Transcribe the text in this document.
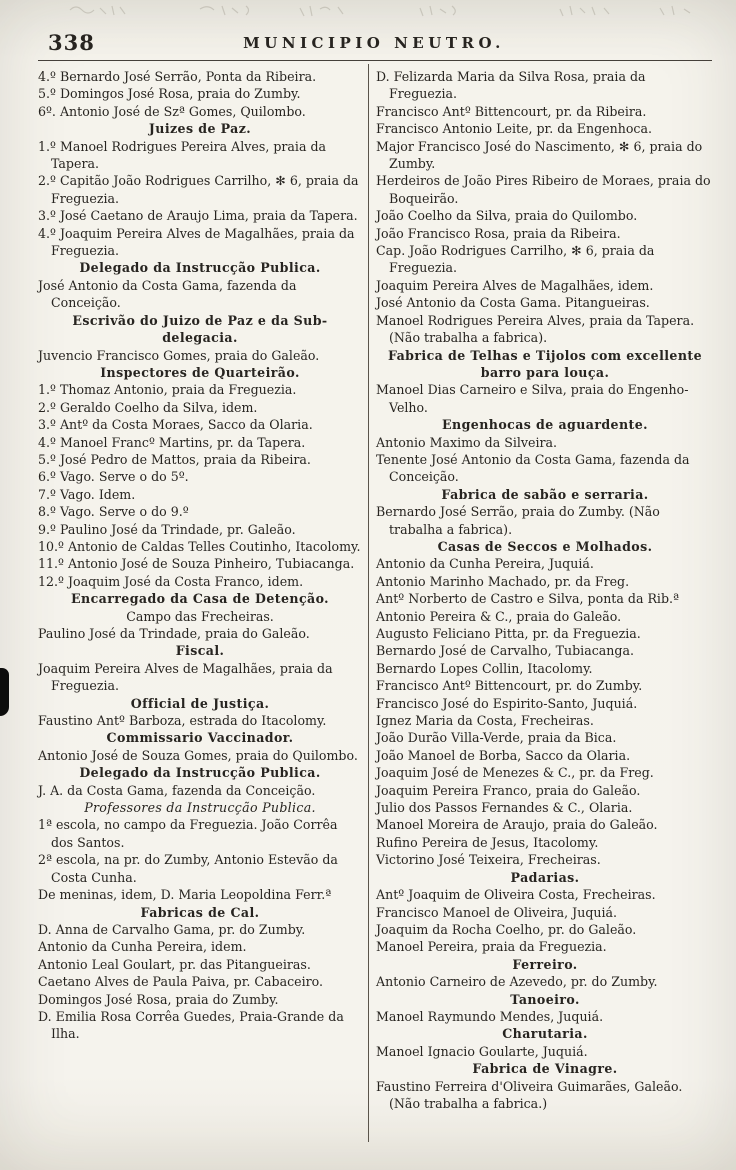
338	MUNICIPIO NEUTRO.
4.º Bernardo José Serrão, Ponta da Ribeira.
5.º Domingos José Rosa, praia do Zumby.
6º. Antonio José de Szª Gomes, Quilombo.
Juizes de Paz.
1.º Manoel Rodrigues Pereira Alves, praia da Tapera.
2.º Capitão João Rodrigues Carrilho, ✻ 6, praia da Freguezia.
3.º José Caetano de Araujo Lima, praia da Tapera.
4.º Joaquim Pereira Alves de Magalhães, praia da Freguezia.
Delegado da Instrucção Publica.
José Antonio da Costa Gama, fazenda da Conceição.
Escrivão do Juizo de Paz e da Sub-delegacia.
Juvencio Francisco Gomes, praia do Galeão.
Inspectores de Quarteirão.
1.º Thomaz Antonio, praia da Freguezia.
2.º Geraldo Coelho da Silva, idem.
3.º Antº da Costa Moraes, Sacco da Olaria.
4.º Manoel Francº Martins, pr. da Tapera.
5.º José Pedro de Mattos, praia da Ribeira.
6.º Vago. Serve o do 5º.
7.º Vago. Idem.
8.º Vago. Serve o do 9.º
9.º Paulino José da Trindade, pr. Galeão.
10.º Antonio de Caldas Telles Coutinho, Itacolomy.
11.º Antonio José de Souza Pinheiro, Tubiacanga.
12.º Joaquim José da Costa Franco, idem.
Encarregado da Casa de Detenção.
Campo das Frecheiras.
Paulino José da Trindade, praia do Galeão.
Fiscal.
Joaquim Pereira Alves de Magalhães, praia da Freguezia.
Official de Justiça.
Faustino Antº Barboza, estrada do Itacolomy.
Commissario Vaccinador.
Antonio José de Souza Gomes, praia do Quilombo.
Delegado da Instrucção Publica.
J. A. da Costa Gama, fazenda da Conceição.
Professores da Instrucção Publica.
1ª escola, no campo da Freguezia. João Corrêa dos Santos.
2ª escola, na pr. do Zumby, Antonio Estevão da Costa Cunha.
De meninas, idem, D. Maria Leopoldina Ferr.ª
Fabricas de Cal.
D. Anna de Carvalho Gama, pr. do Zumby.
Antonio da Cunha Pereira, idem.
Antonio Leal Goulart, pr. das Pitangueiras.
Caetano Alves de Paula Paiva, pr. Cabaceiro.
Domingos José Rosa, praia do Zumby.
D. Emilia Rosa Corrêa Guedes, Praia-Grande da Ilha.
D. Felizarda Maria da Silva Rosa, praia da Freguezia.
Francisco Antº Bittencourt, pr. da Ribeira.
Francisco Antonio Leite, pr. da Engenhoca.
Major Francisco José do Nascimento, ✻ 6, praia do Zumby.
Herdeiros de João Pires Ribeiro de Moraes, praia do Boqueirão.
João Coelho da Silva, praia do Quilombo.
João Francisco Rosa, praia da Ribeira.
Cap. João Rodrigues Carrilho, ✻ 6, praia da Freguezia.
Joaquim Pereira Alves de Magalhães, idem.
José Antonio da Costa Gama. Pitangueiras.
Manoel Rodrigues Pereira Alves, praia da Tapera. (Não trabalha a fabrica).
Fabrica de Telhas e Tijolos com excellente barro para louça.
Manoel Dias Carneiro e Silva, praia do Engenho-Velho.
Engenhocas de aguardente.
Antonio Maximo da Silveira.
Tenente José Antonio da Costa Gama, fazenda da Conceição.
Fabrica de sabão e serraria.
Bernardo José Serrão, praia do Zumby. (Não trabalha a fabrica).
Casas de Seccos e Molhados.
Antonio da Cunha Pereira, Juquiá.
Antonio Marinho Machado, pr. da Freg.
Antº Norberto de Castro e Silva, ponta da Rib.ª
Antonio Pereira & C., praia do Galeão.
Augusto Feliciano Pitta, pr. da Freguezia.
Bernardo José de Carvalho, Tubiacanga.
Bernardo Lopes Collin, Itacolomy.
Francisco Antº Bittencourt, pr. do Zumby.
Francisco José do Espirito-Santo, Juquiá.
Ignez Maria da Costa, Frecheiras.
João Durão Villa-Verde, praia da Bica.
João Manoel de Borba, Sacco da Olaria.
Joaquim José de Menezes & C., pr. da Freg.
Joaquim Pereira Franco, praia do Galeão.
Julio dos Passos Fernandes & C., Olaria.
Manoel Moreira de Araujo, praia do Galeão.
Rufino Pereira de Jesus, Itacolomy.
Victorino José Teixeira, Frecheiras.
Padarias.
Antº Joaquim de Oliveira Costa, Frecheiras.
Francisco Manoel de Oliveira, Juquiá.
Joaquim da Rocha Coelho, pr. do Galeão.
Manoel Pereira, praia da Freguezia.
Ferreiro.
Antonio Carneiro de Azevedo, pr. do Zumby.
Tanoeiro.
Manoel Raymundo Mendes, Juquiá.
Charutaria.
Manoel Ignacio Goularte, Juquiá.
Fabrica de Vinagre.
Faustino Ferreira d'Oliveira Guimarães, Galeão. (Não trabalha a fabrica.)
